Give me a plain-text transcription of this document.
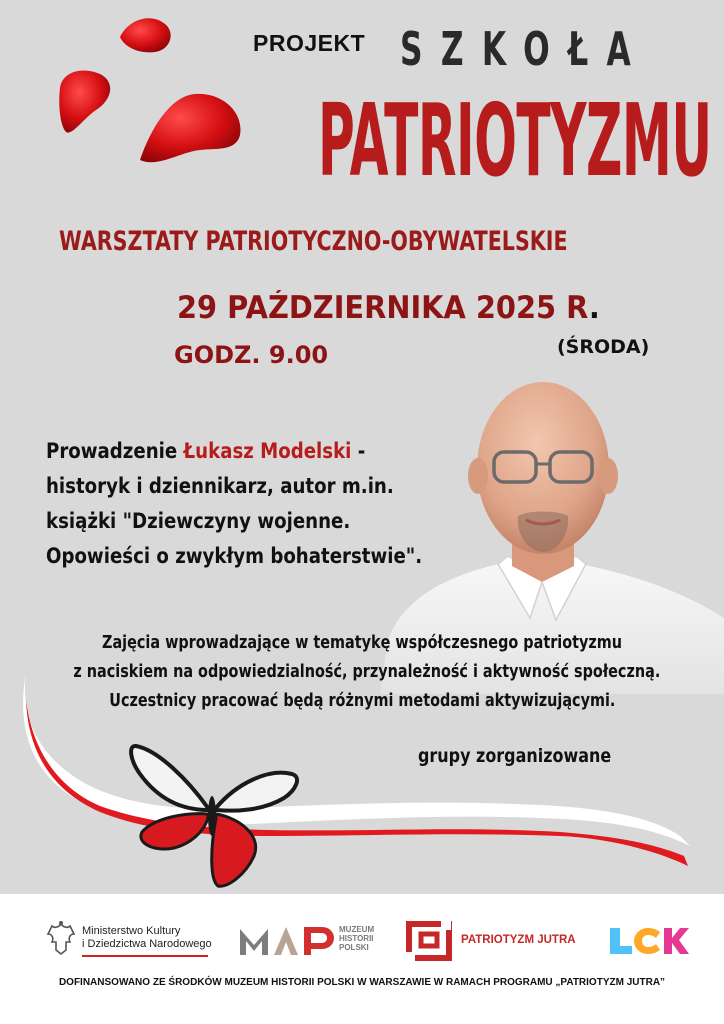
PROJEKT SZKOŁA
PATRIOTYZMU
WARSZTATY PATRIOTYCZNO-OBYWATELSKIE
29 PAŹDZIERNIKA 2025 R.
GODZ. 9.00	(ŚRODA)
Prowadzenie Łukasz Modelski -
historyk i dziennikarz, autor m.in.
książki "Dziewczyny wojenne.
Opowieści o zwykłym bohaterstwie".
Zajęcia wprowadzające w tematykę współczesnego patriotyzmu
z naciskiem na odpowiedzialność, przynależność i aktywność społeczną.
Uczestnicy pracować będą różnymi metodami aktywizującymi.
grupy zorganizowane
Ministerstwo Kultury
i Dziedzictwa Narodowego
MUZEUM
HISTORII
POLSKI
PATRIOTYZM JUTRA
DOFINANSOWANO ZE ŚRODKÓW MUZEUM HISTORII POLSKI W WARSZAWIE W RAMACH PROGRAMU „PATRIOTYZM JUTRA”
